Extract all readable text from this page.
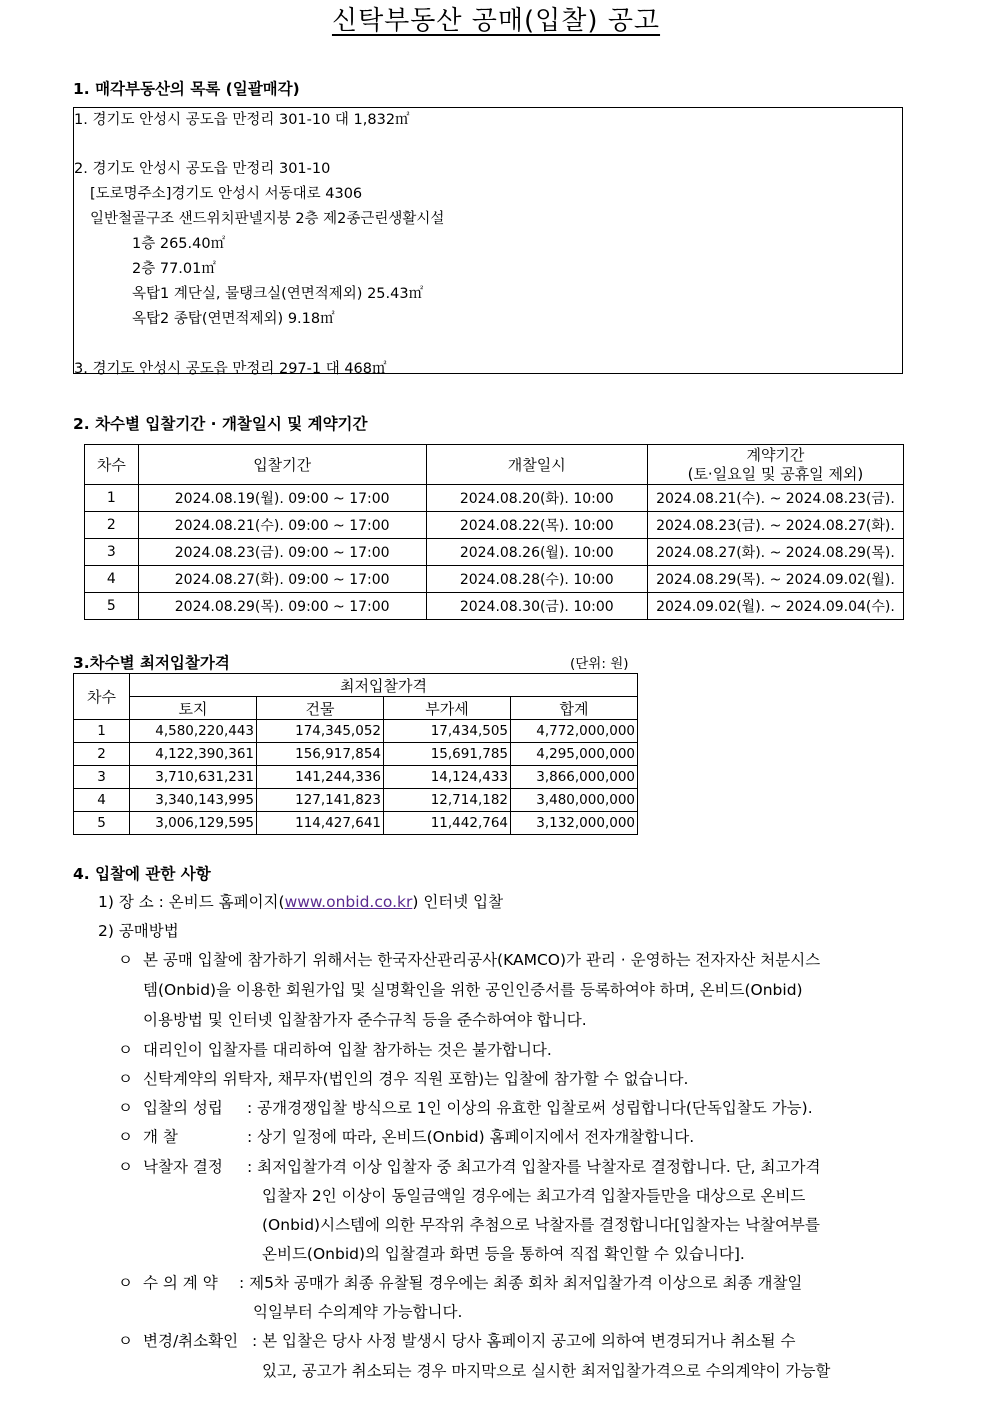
신탁부동산 공매(입찰) 공고
1. 매각부동산의 목록 (일괄매각)
1. 경기도 안성시 공도읍 만정리 301-10 대 1,832㎡
2. 경기도 안성시 공도읍 만정리 301-10
[도로명주소]경기도 안성시 서동대로 4306
일반철골구조 샌드위치판넬지붕 2층 제2종근린생활시설
1층 265.40㎡
2층 77.01㎡
옥탑1 계단실, 물탱크실(연면적제외) 25.43㎡
옥탑2 종탑(연면적제외) 9.18㎡
3. 경기도 안성시 공도읍 만정리 297-1 대 468㎡
2. 차수별 입찰기간 · 개찰일시 및 계약기간
차수	입찰기간	개찰일시	계약기간
(토·일요일 및 공휴일 제외)

1	2024.08.19(월). 09:00 ~ 17:00	2024.08.20(화). 10:00	2024.08.21(수). ~ 2024.08.23(금).
2	2024.08.21(수). 09:00 ~ 17:00	2024.08.22(목). 10:00	2024.08.23(금). ~ 2024.08.27(화).
3	2024.08.23(금). 09:00 ~ 17:00	2024.08.26(월). 10:00	2024.08.27(화). ~ 2024.08.29(목).
4	2024.08.27(화). 09:00 ~ 17:00	2024.08.28(수). 10:00	2024.08.29(목). ~ 2024.09.02(월).
5	2024.08.29(목). 09:00 ~ 17:00	2024.08.30(금). 10:00	2024.09.02(월). ~ 2024.09.04(수).
3.차수별 최저입찰가격	(단위: 원)
차수	최저입찰가격			
	토지	건물	부가세	합계
1	4,580,220,443	174,345,052	17,434,505	4,772,000,000
2	4,122,390,361	156,917,854	15,691,785	4,295,000,000
3	3,710,631,231	141,244,336	14,124,433	3,866,000,000
4	3,340,143,995	127,141,823	12,714,182	3,480,000,000
5	3,006,129,595	114,427,641	11,442,764	3,132,000,000
4. 입찰에 관한 사항
1) 장 소 : 온비드 홈페이지(www.onbid.co.kr) 인터넷 입찰
2) 공매방법
ㅇ 본 공매 입찰에 참가하기 위해서는 한국자산관리공사(KAMCO)가 관리 · 운영하는 전자자산 처분시스
템(Onbid)을 이용한 회원가입 및 실명확인을 위한 공인인증서를 등록하여야 하며, 온비드(Onbid)
이용방법 및 인터넷 입찰참가자 준수규칙 등을 준수하여야 합니다.
ㅇ 대리인이 입찰자를 대리하여 입찰 참가하는 것은 불가합니다.
ㅇ 신탁계약의 위탁자, 채무자(법인의 경우 직원 포함)는 입찰에 참가할 수 없습니다.
ㅇ 입찰의 성립 : 공개경쟁입찰 방식으로 1인 이상의 유효한 입찰로써 성립합니다(단독입찰도 가능).
ㅇ 개 찰	: 상기 일정에 따라, 온비드(Onbid) 홈페이지에서 전자개찰합니다.
ㅇ 낙찰자 결정 : 최저입찰가격 이상 입찰자 중 최고가격 입찰자를 낙찰자로 결정합니다. 단, 최고가격
입찰자 2인 이상이 동일금액일 경우에는 최고가격 입찰자들만을 대상으로 온비드
(Onbid)시스템에 의한 무작위 추첨으로 낙찰자를 결정합니다[입찰자는 낙찰여부를
온비드(Onbid)의 입찰결과 화면 등을 통하여 직접 확인할 수 있습니다].
ㅇ 수 의 계 약 : 제5차 공매가 최종 유찰될 경우에는 최종 회차 최저입찰가격 이상으로 최종 개찰일
익일부터 수의계약 가능합니다.
ㅇ 변경/취소확인 : 본 입찰은 당사 사정 발생시 당사 홈페이지 공고에 의하여 변경되거나 취소될 수
있고, 공고가 취소되는 경우 마지막으로 실시한 최저입찰가격으로 수의계약이 가능할
